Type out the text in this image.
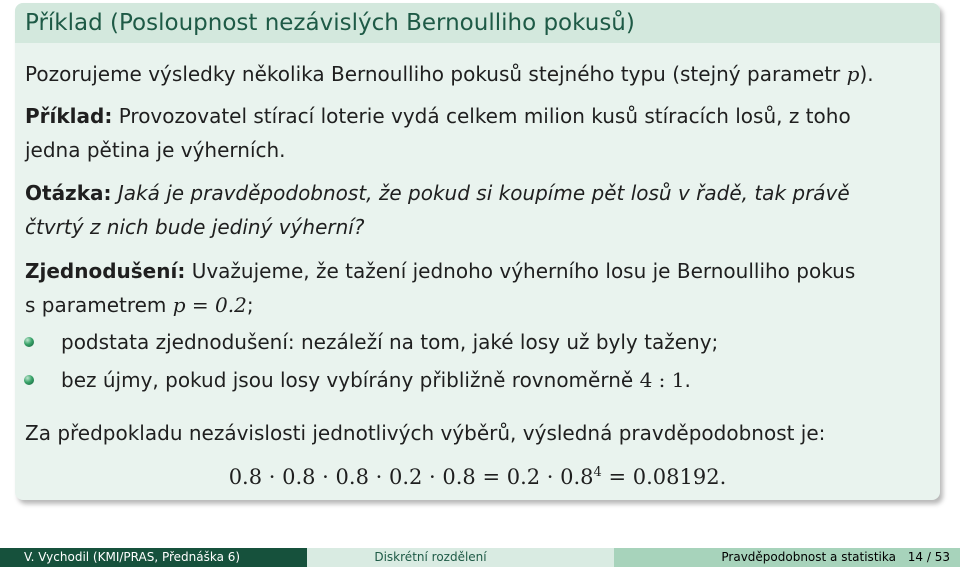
Příklad (Posloupnost nezávislých Bernoulliho pokusů)
Pozorujeme výsledky několika Bernoulliho pokusů stejného typu (stejný parametr p).
Příklad: Provozovatel stírací loterie vydá celkem milion kusů stíracích losů, z toho
jedna pětina je výherních.
Otázka: Jaká je pravděpodobnost, že pokud si koupíme pět losů v řadě, tak právě
čtvrtý z nich bude jediný výherní?
Zjednodušení: Uvažujeme, že tažení jednoho výherního losu je Bernoulliho pokus
s parametrem p = 0.2;
podstata zjednodušení: nezáleží na tom, jaké losy už byly taženy;
bez újmy, pokud jsou losy vybírány přibližně rovnoměrně 4 : 1.
Za předpokladu nezávislosti jednotlivých výběrů, výsledná pravděpodobnost je:
$0.8 \cdot 0.8 \cdot 0.8 \cdot 0.2 \cdot 0.8 = 0.2 \cdot 0.8^4 = 0.08192$.
V. Vychodil (KMI/PRAS, Přednáška 6)	Diskrétní rozdělení	Pravděpodobnost a statistika 14 / 53
